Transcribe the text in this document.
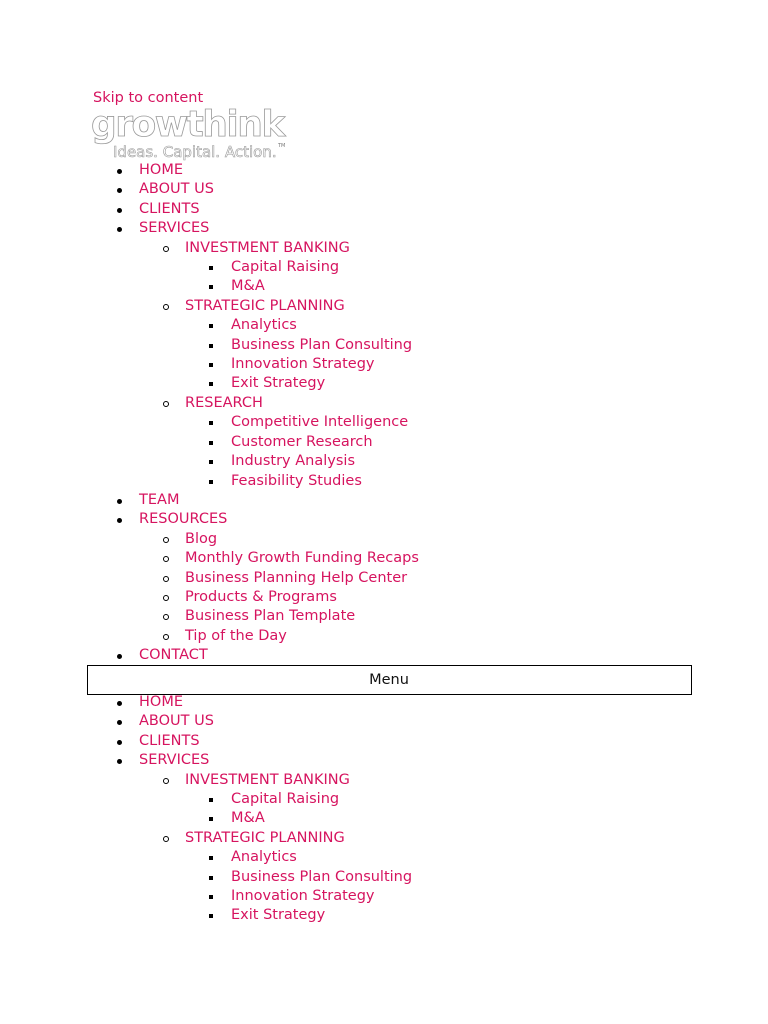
Skip to content
growthink
Ideas. Capital. Action. TM
HOME
ABOUT US
CLIENTS
SERVICES
INVESTMENT BANKING
Capital Raising
M&A
STRATEGIC PLANNING
Analytics
Business Plan Consulting
Innovation Strategy
Exit Strategy
RESEARCH
Competitive Intelligence
Customer Research
Industry Analysis
Feasibility Studies
TEAM
RESOURCES
Blog
Monthly Growth Funding Recaps
Business Planning Help Center
Products & Programs
Business Plan Template
Tip of the Day
CONTACT
Menu
HOME
ABOUT US
CLIENTS
SERVICES
INVESTMENT BANKING
Capital Raising
M&A
STRATEGIC PLANNING
Analytics
Business Plan Consulting
Innovation Strategy
Exit Strategy
